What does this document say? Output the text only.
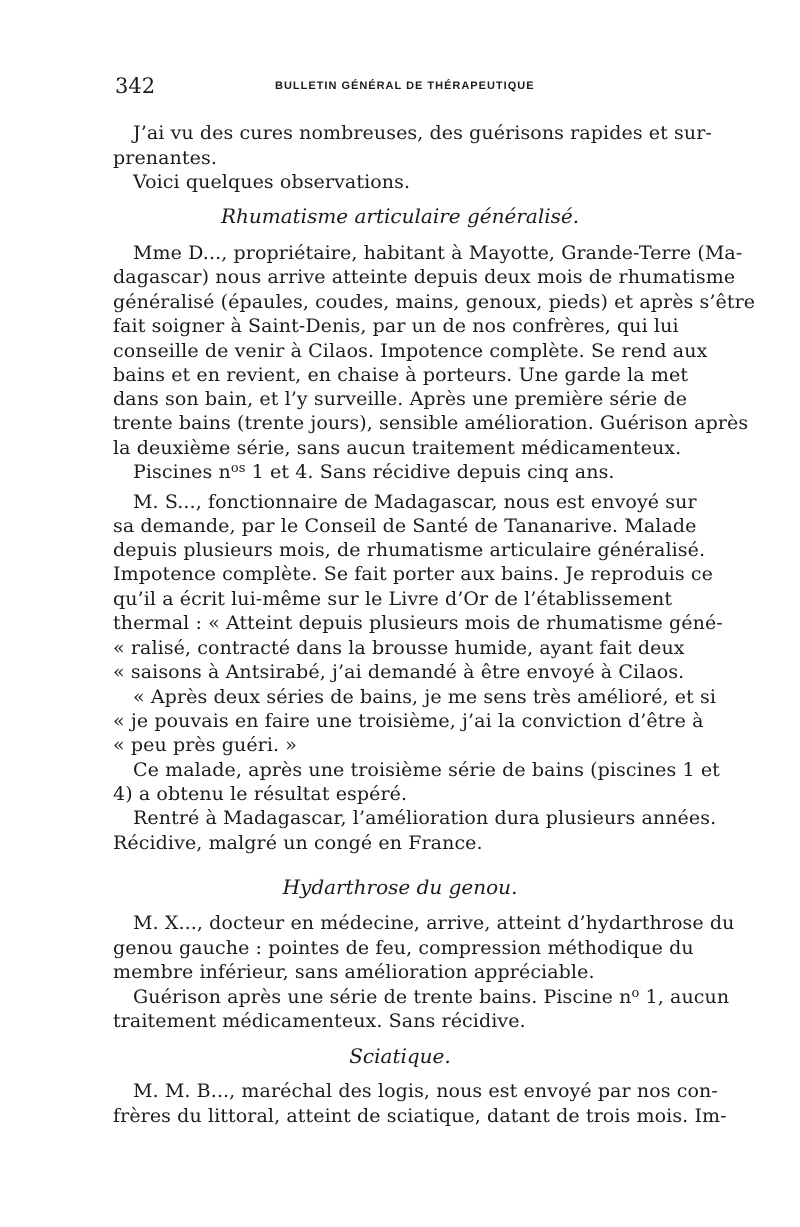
342	BULLETIN GÉNÉRAL DE THÉRAPEUTIQUE
J’ai vu des cures nombreuses, des guérisons rapides et sur-
prenantes.
Voici quelques observations.
Rhumatisme articulaire généralisé.
Mme D..., propriétaire, habitant à Mayotte, Grande-Terre (Ma-
dagascar) nous arrive atteinte depuis deux mois de rhumatisme
généralisé (épaules, coudes, mains, genoux, pieds) et après s’être
fait soigner à Saint-Denis, par un de nos confrères, qui lui
conseille de venir à Cilaos. Impotence complète. Se rend aux
bains et en revient, en chaise à porteurs. Une garde la met
dans son bain, et l’y surveille. Après une première série de
trente bains (trente jours), sensible amélioration. Guérison après
la deuxième série, sans aucun traitement médicamenteux.
Piscines $n^{os}$ 1 et 4. Sans récidive depuis cinq ans.
M. S..., fonctionnaire de Madagascar, nous est envoyé sur
sa demande, par le Conseil de Santé de Tananarive. Malade
depuis plusieurs mois, de rhumatisme articulaire généralisé.
Impotence complète. Se fait porter aux bains. Je reproduis ce
qu’il a écrit lui-même sur le Livre d’Or de l’établissement
thermal : « Atteint depuis plusieurs mois de rhumatisme géné-
« ralisé, contracté dans la brousse humide, ayant fait deux
« saisons à Antsirabé, j’ai demandé à être envoyé à Cilaos.
« Après deux séries de bains, je me sens très amélioré, et si
« je pouvais en faire une troisième, j’ai la conviction d’être à
« peu près guéri. »
Ce malade, après une troisième série de bains (piscines 1 et
4) a obtenu le résultat espéré.
Rentré à Madagascar, l’amélioration dura plusieurs années.
Récidive, malgré un congé en France.
Hydarthrose du genou.
M. X..., docteur en médecine, arrive, atteint d’hydarthrose du
genou gauche : pointes de feu, compression méthodique du
membre inférieur, sans amélioration appréciable.
Guérison après une série de trente bains. Piscine $n^o$ 1, aucun
traitement médicamenteux. Sans récidive.
Sciatique.
M. M. B..., maréchal des logis, nous est envoyé par nos con-
frères du littoral, atteint de sciatique, datant de trois mois. Im-
